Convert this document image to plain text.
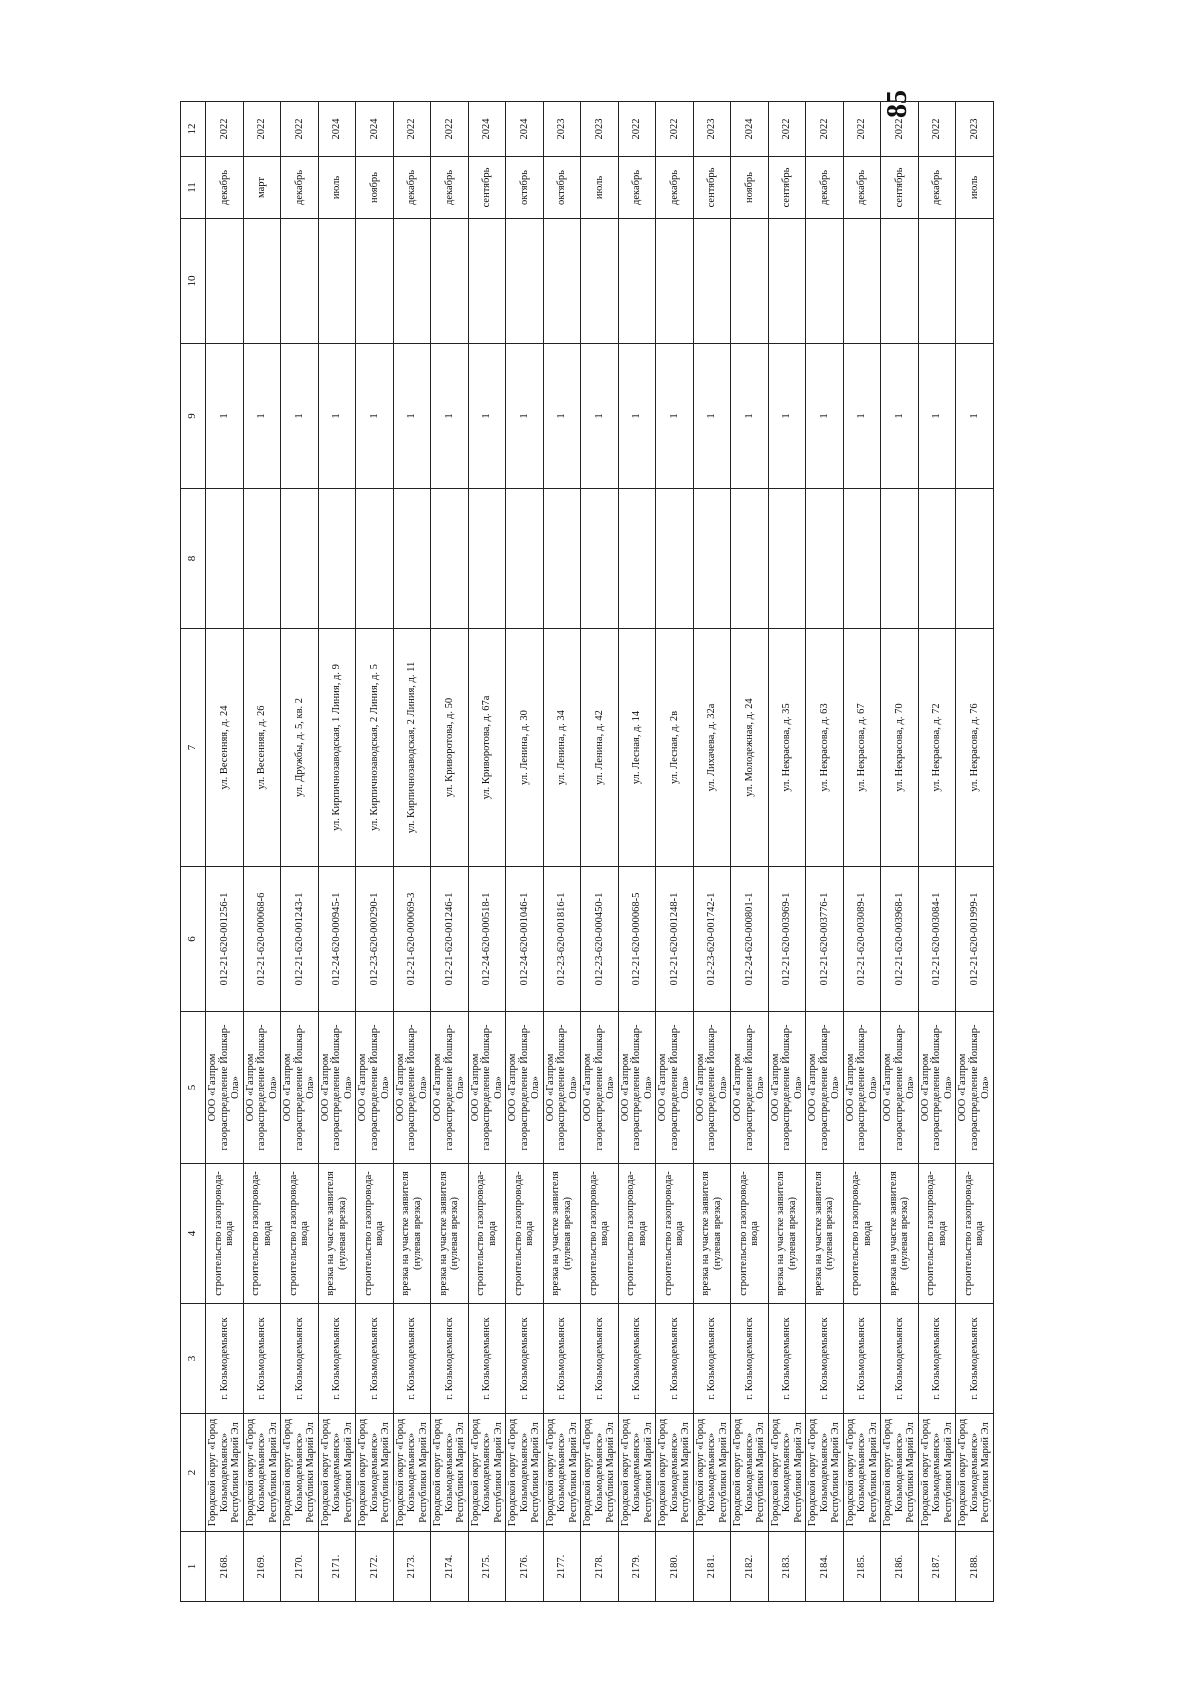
85
1	2	3	4	5	6	7	8	9	10	11	12
2168.	Городской округ «Город Козьмодемьянск» Республики Марий Эл	г. Козьмодемьянск	строительство газопровода-ввода	ООО «Газпром газораспределение Йошкар-Ола»	012-21-620-001256-1	ул. Весенняя, д. 24		1		декабрь	2022
2169.	Городской округ «Город Козьмодемьянск» Республики Марий Эл	г. Козьмодемьянск	строительство газопровода-ввода	ООО «Газпром газораспределение Йошкар-Ола»	012-21-620-000068-6	ул. Весенняя, д. 26		1		март	2022
2170.	Городской округ «Город Козьмодемьянск» Республики Марий Эл	г. Козьмодемьянск	строительство газопровода-ввода	ООО «Газпром газораспределение Йошкар-Ола»	012-21-620-001243-1	ул. Дружбы, д. 5, кв. 2		1		декабрь	2022
2171.	Городской округ «Город Козьмодемьянск» Республики Марий Эл	г. Козьмодемьянск	врезка на участке заявителя (нулевая врезка)	ООО «Газпром газораспределение Йошкар-Ола»	012-24-620-000945-1	ул. Кирпичнозаводская, 1 Линия, д. 9		1		июль	2024
2172.	Городской округ «Город Козьмодемьянск» Республики Марий Эл	г. Козьмодемьянск	строительство газопровода-ввода	ООО «Газпром газораспределение Йошкар-Ола»	012-23-620-000290-1	ул. Кирпичнозаводская, 2 Линия, д. 5		1		ноябрь	2024
2173.	Городской округ «Город Козьмодемьянск» Республики Марий Эл	г. Козьмодемьянск	врезка на участке заявителя (нулевая врезка)	ООО «Газпром газораспределение Йошкар-Ола»	012-21-620-000069-3	ул. Кирпичнозаводская, 2 Линия, д. 11		1		декабрь	2022
2174.	Городской округ «Город Козьмодемьянск» Республики Марий Эл	г. Козьмодемьянск	врезка на участке заявителя (нулевая врезка)	ООО «Газпром газораспределение Йошкар-Ола»	012-21-620-001246-1	ул. Криворотова, д. 50		1		декабрь	2022
2175.	Городской округ «Город Козьмодемьянск» Республики Марий Эл	г. Козьмодемьянск	строительство газопровода-ввода	ООО «Газпром газораспределение Йошкар-Ола»	012-24-620-000518-1	ул. Криворотова, д. 67а		1		сентябрь	2024
2176.	Городской округ «Город Козьмодемьянск» Республики Марий Эл	г. Козьмодемьянск	строительство газопровода-ввода	ООО «Газпром газораспределение Йошкар-Ола»	012-24-620-001046-1	ул. Ленина, д. 30		1		октябрь	2024
2177.	Городской округ «Город Козьмодемьянск» Республики Марий Эл	г. Козьмодемьянск	врезка на участке заявителя (нулевая врезка)	ООО «Газпром газораспределение Йошкар-Ола»	012-23-620-001816-1	ул. Ленина, д. 34		1		октябрь	2023
2178.	Городской округ «Город Козьмодемьянск» Республики Марий Эл	г. Козьмодемьянск	строительство газопровода-ввода	ООО «Газпром газораспределение Йошкар-Ола»	012-23-620-000450-1	ул. Ленина, д. 42		1		июль	2023
2179.	Городской округ «Город Козьмодемьянск» Республики Марий Эл	г. Козьмодемьянск	строительство газопровода-ввода	ООО «Газпром газораспределение Йошкар-Ола»	012-21-620-000068-5	ул. Лесная, д. 14		1		декабрь	2022
2180.	Городской округ «Город Козьмодемьянск» Республики Марий Эл	г. Козьмодемьянск	строительство газопровода-ввода	ООО «Газпром газораспределение Йошкар-Ола»	012-21-620-001248-1	ул. Лесная, д. 2в		1		декабрь	2022
2181.	Городской округ «Город Козьмодемьянск» Республики Марий Эл	г. Козьмодемьянск	врезка на участке заявителя (нулевая врезка)	ООО «Газпром газораспределение Йошкар-Ола»	012-23-620-001742-1	ул. Лихачева, д. 32а		1		сентябрь	2023
2182.	Городской округ «Город Козьмодемьянск» Республики Марий Эл	г. Козьмодемьянск	строительство газопровода-ввода	ООО «Газпром газораспределение Йошкар-Ола»	012-24-620-000801-1	ул. Молодежная, д. 24		1		ноябрь	2024
2183.	Городской округ «Город Козьмодемьянск» Республики Марий Эл	г. Козьмодемьянск	врезка на участке заявителя (нулевая врезка)	ООО «Газпром газораспределение Йошкар-Ола»	012-21-620-003969-1	ул. Некрасова, д. 35		1		сентябрь	2022
2184.	Городской округ «Город Козьмодемьянск» Республики Марий Эл	г. Козьмодемьянск	врезка на участке заявителя (нулевая врезка)	ООО «Газпром газораспределение Йошкар-Ола»	012-21-620-003776-1	ул. Некрасова, д. 63		1		декабрь	2022
2185.	Городской округ «Город Козьмодемьянск» Республики Марий Эл	г. Козьмодемьянск	строительство газопровода-ввода	ООО «Газпром газораспределение Йошкар-Ола»	012-21-620-003089-1	ул. Некрасова, д. 67		1		декабрь	2022
2186.	Городской округ «Город Козьмодемьянск» Республики Марий Эл	г. Козьмодемьянск	врезка на участке заявителя (нулевая врезка)	ООО «Газпром газораспределение Йошкар-Ола»	012-21-620-003968-1	ул. Некрасова, д. 70		1		сентябрь	2022
2187.	Городской округ «Город Козьмодемьянск» Республики Марий Эл	г. Козьмодемьянск	строительство газопровода-ввода	ООО «Газпром газораспределение Йошкар-Ола»	012-21-620-003084-1	ул. Некрасова, д. 72		1		декабрь	2022
2188.	Городской округ «Город Козьмодемьянск» Республики Марий Эл	г. Козьмодемьянск	строительство газопровода-ввода	ООО «Газпром газораспределение Йошкар-Ола»	012-21-620-001999-1	ул. Некрасова, д. 76		1		июль	2023
